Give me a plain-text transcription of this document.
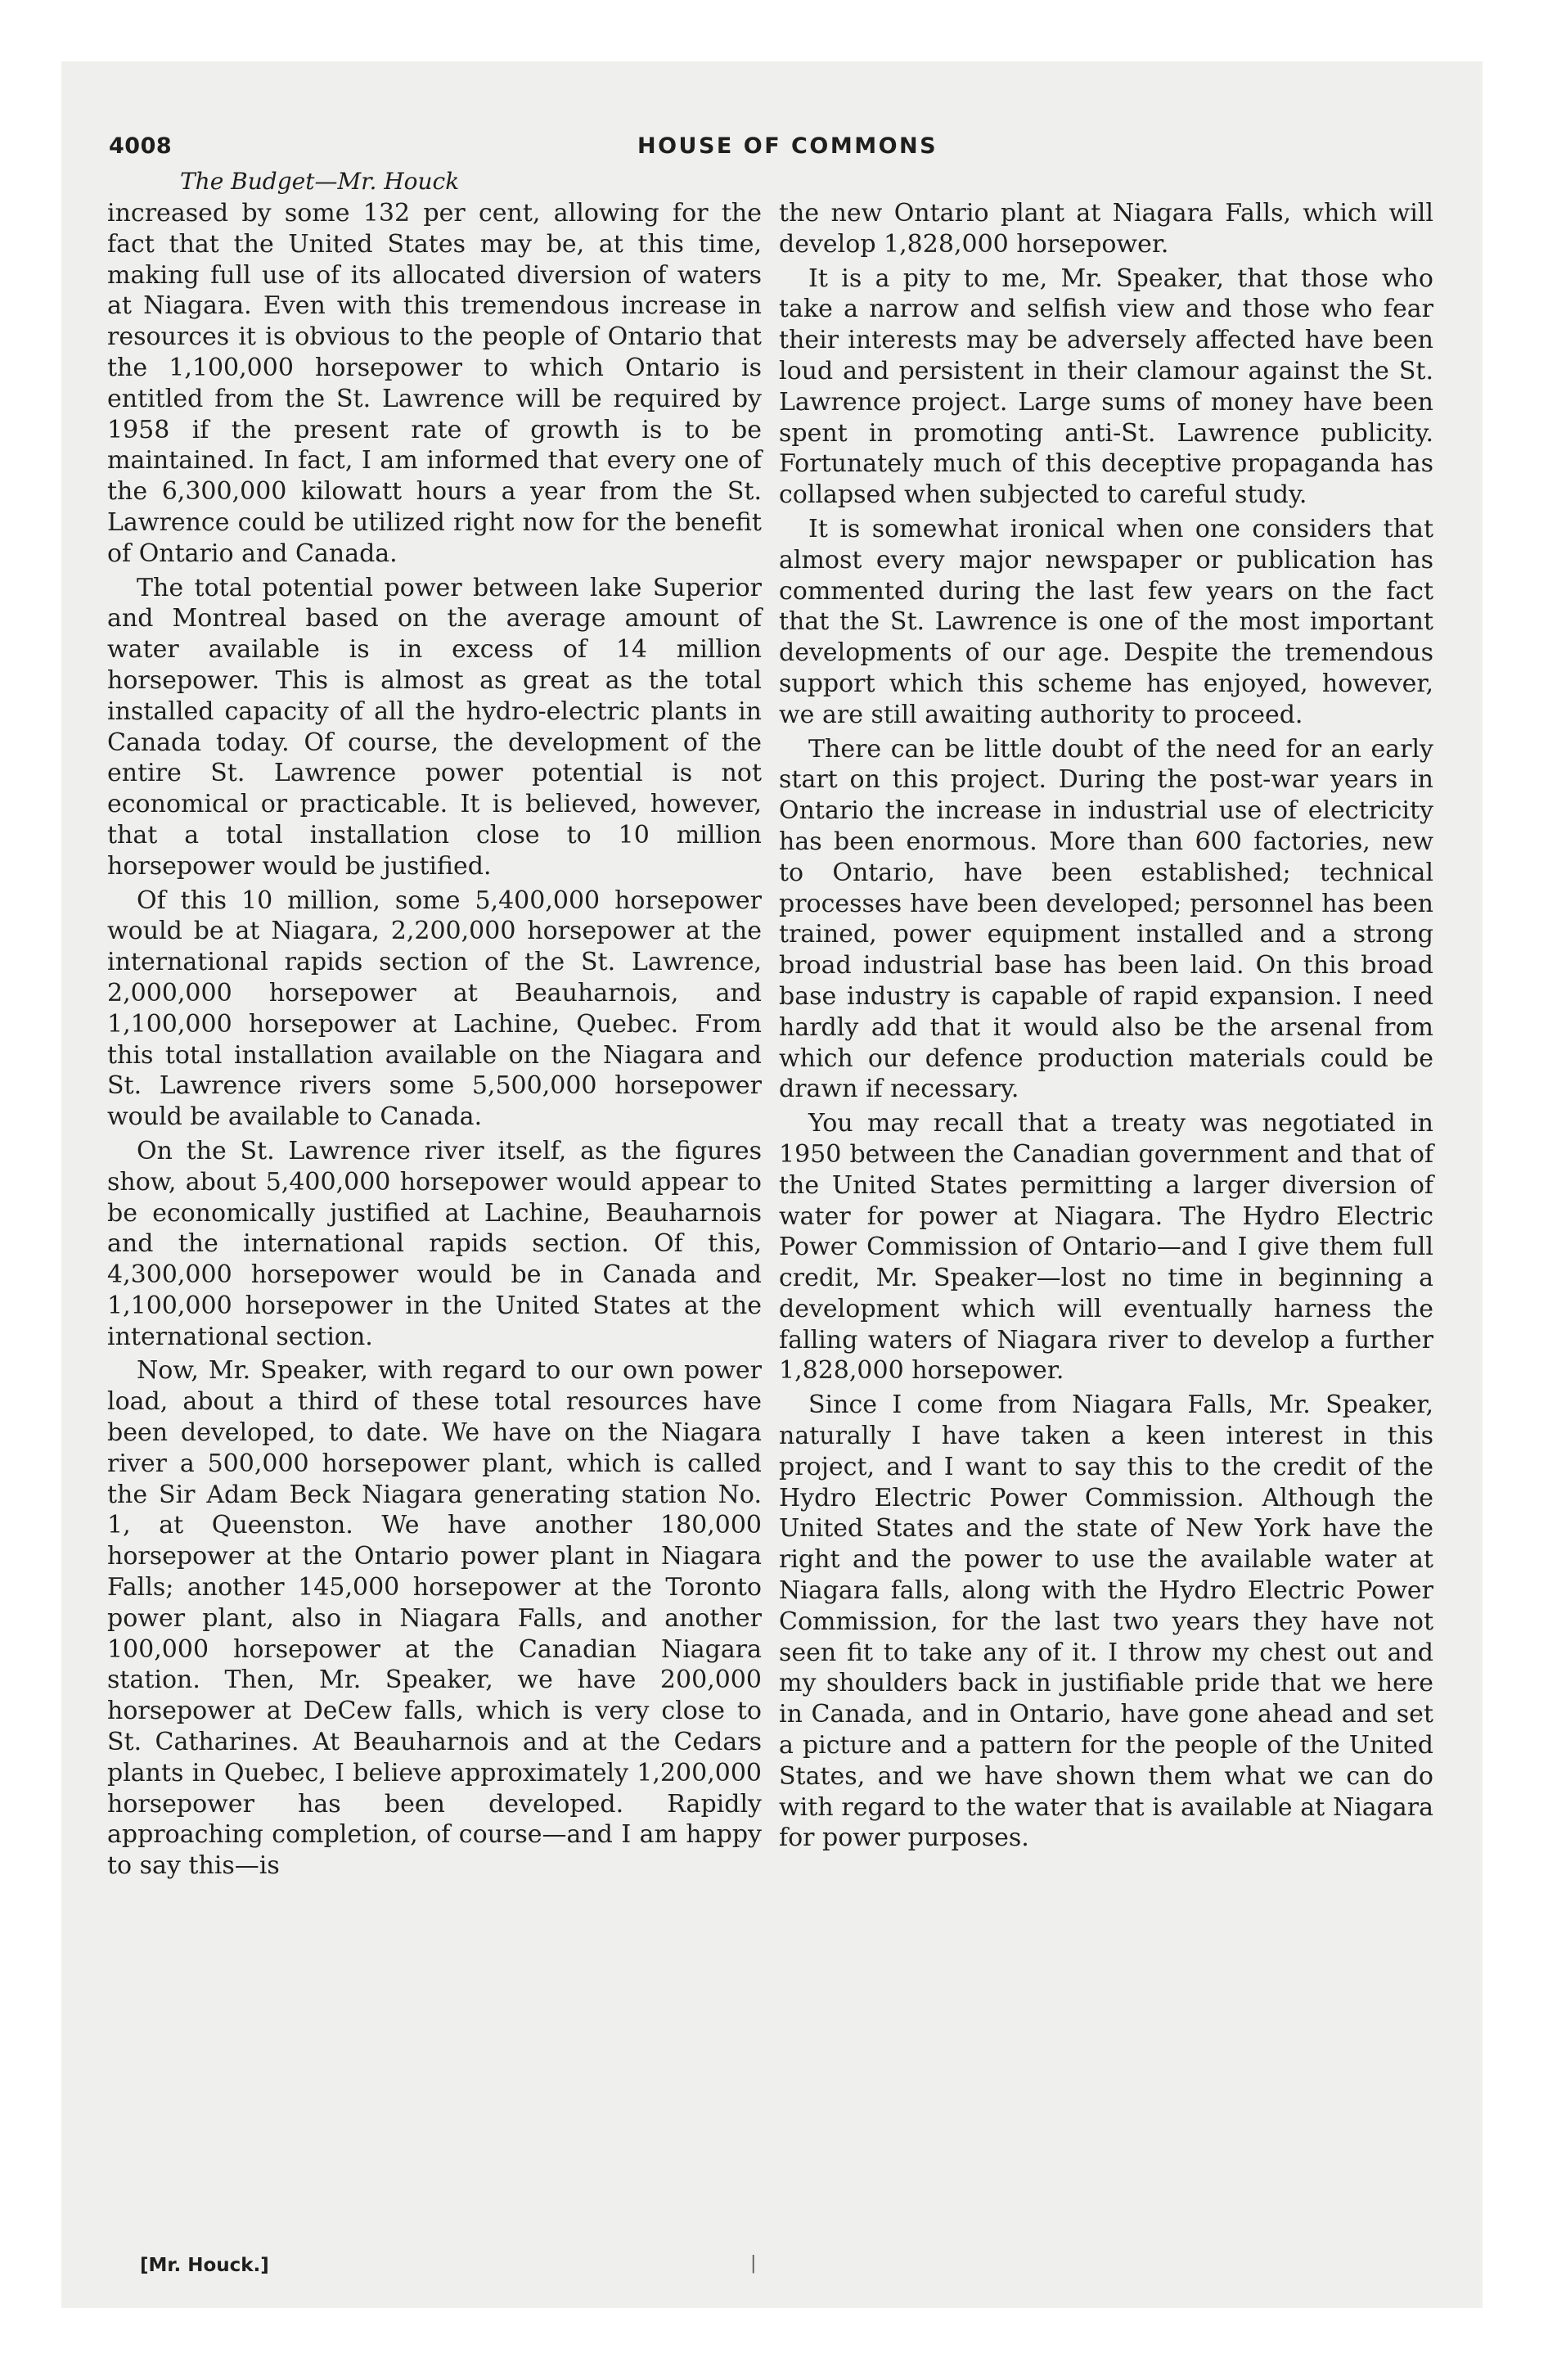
4008	HOUSE OF COMMONS
The Budget—Mr. Houck

increased by some 132 per cent, allowing for the fact that the United States may be, at this time, making full use of its allocated diversion of waters at Niagara. Even with this tremendous increase in resources it is obvious to the people of Ontario that the 1,100,000 horsepower to which Ontario is entitled from the St. Lawrence will be required by 1958 if the present rate of growth is to be maintained. In fact, I am informed that every one of the 6,300,000 kilowatt hours a year from the St. Lawrence could be utilized right now for the benefit of Ontario and Canada.

The total potential power between lake Superior and Montreal based on the average amount of water available is in excess of 14 million horsepower. This is almost as great as the total installed capacity of all the hydro-electric plants in Canada today. Of course, the development of the entire St. Lawrence power potential is not economical or practicable. It is believed, however, that a total installation close to 10 million horsepower would be justified.

Of this 10 million, some 5,400,000 horsepower would be at Niagara, 2,200,000 horsepower at the international rapids section of the St. Lawrence, 2,000,000 horsepower at Beauharnois, and 1,100,000 horsepower at Lachine, Quebec. From this total installation available on the Niagara and St. Lawrence rivers some 5,500,000 horsepower would be available to Canada.

On the St. Lawrence river itself, as the figures show, about 5,400,000 horsepower would appear to be economically justified at Lachine, Beauharnois and the international rapids section. Of this, 4,300,000 horsepower would be in Canada and 1,100,000 horsepower in the United States at the international section.

Now, Mr. Speaker, with regard to our own power load, about a third of these total resources have been developed, to date. We have on the Niagara river a 500,000 horsepower plant, which is called the Sir Adam Beck Niagara generating station No. 1, at Queenston. We have another 180,000 horsepower at the Ontario power plant in Niagara Falls; another 145,000 horsepower at the Toronto power plant, also in Niagara Falls, and another 100,000 horsepower at the Canadian Niagara station. Then, Mr. Speaker, we have 200,000 horsepower at DeCew falls, which is very close to St. Catharines. At Beauharnois and at the Cedars plants in Quebec, I believe approximately 1,200,000 horsepower has been developed. Rapidly approaching completion, of course—and I am happy to say this—is

the new Ontario plant at Niagara Falls, which will develop 1,828,000 horsepower.

It is a pity to me, Mr. Speaker, that those who take a narrow and selfish view and those who fear their interests may be adversely affected have been loud and persistent in their clamour against the St. Lawrence project. Large sums of money have been spent in promoting anti-St. Lawrence publicity. Fortunately much of this deceptive propaganda has collapsed when subjected to careful study.

It is somewhat ironical when one considers that almost every major newspaper or publication has commented during the last few years on the fact that the St. Lawrence is one of the most important developments of our age. Despite the tremendous support which this scheme has enjoyed, however, we are still awaiting authority to proceed.

There can be little doubt of the need for an early start on this project. During the post-war years in Ontario the increase in industrial use of electricity has been enormous. More than 600 factories, new to Ontario, have been established; technical processes have been developed; personnel has been trained, power equipment installed and a strong broad industrial base has been laid. On this broad base industry is capable of rapid expansion. I need hardly add that it would also be the arsenal from which our defence production materials could be drawn if necessary.

You may recall that a treaty was negotiated in 1950 between the Canadian government and that of the United States permitting a larger diversion of water for power at Niagara. The Hydro Electric Power Commission of Ontario—and I give them full credit, Mr. Speaker—lost no time in beginning a development which will eventually harness the falling waters of Niagara river to develop a further 1,828,000 horsepower.

Since I come from Niagara Falls, Mr. Speaker, naturally I have taken a keen interest in this project, and I want to say this to the credit of the Hydro Electric Power Commission. Although the United States and the state of New York have the right and the power to use the available water at Niagara falls, along with the Hydro Electric Power Commission, for the last two years they have not seen fit to take any of it. I throw my chest out and my shoulders back in justifiable pride that we here in Canada, and in Ontario, have gone ahead and set a picture and a pattern for the people of the United States, and we have shown them what we can do with regard to the water that is available at Niagara for power purposes.

[Mr. Houck.]	|
